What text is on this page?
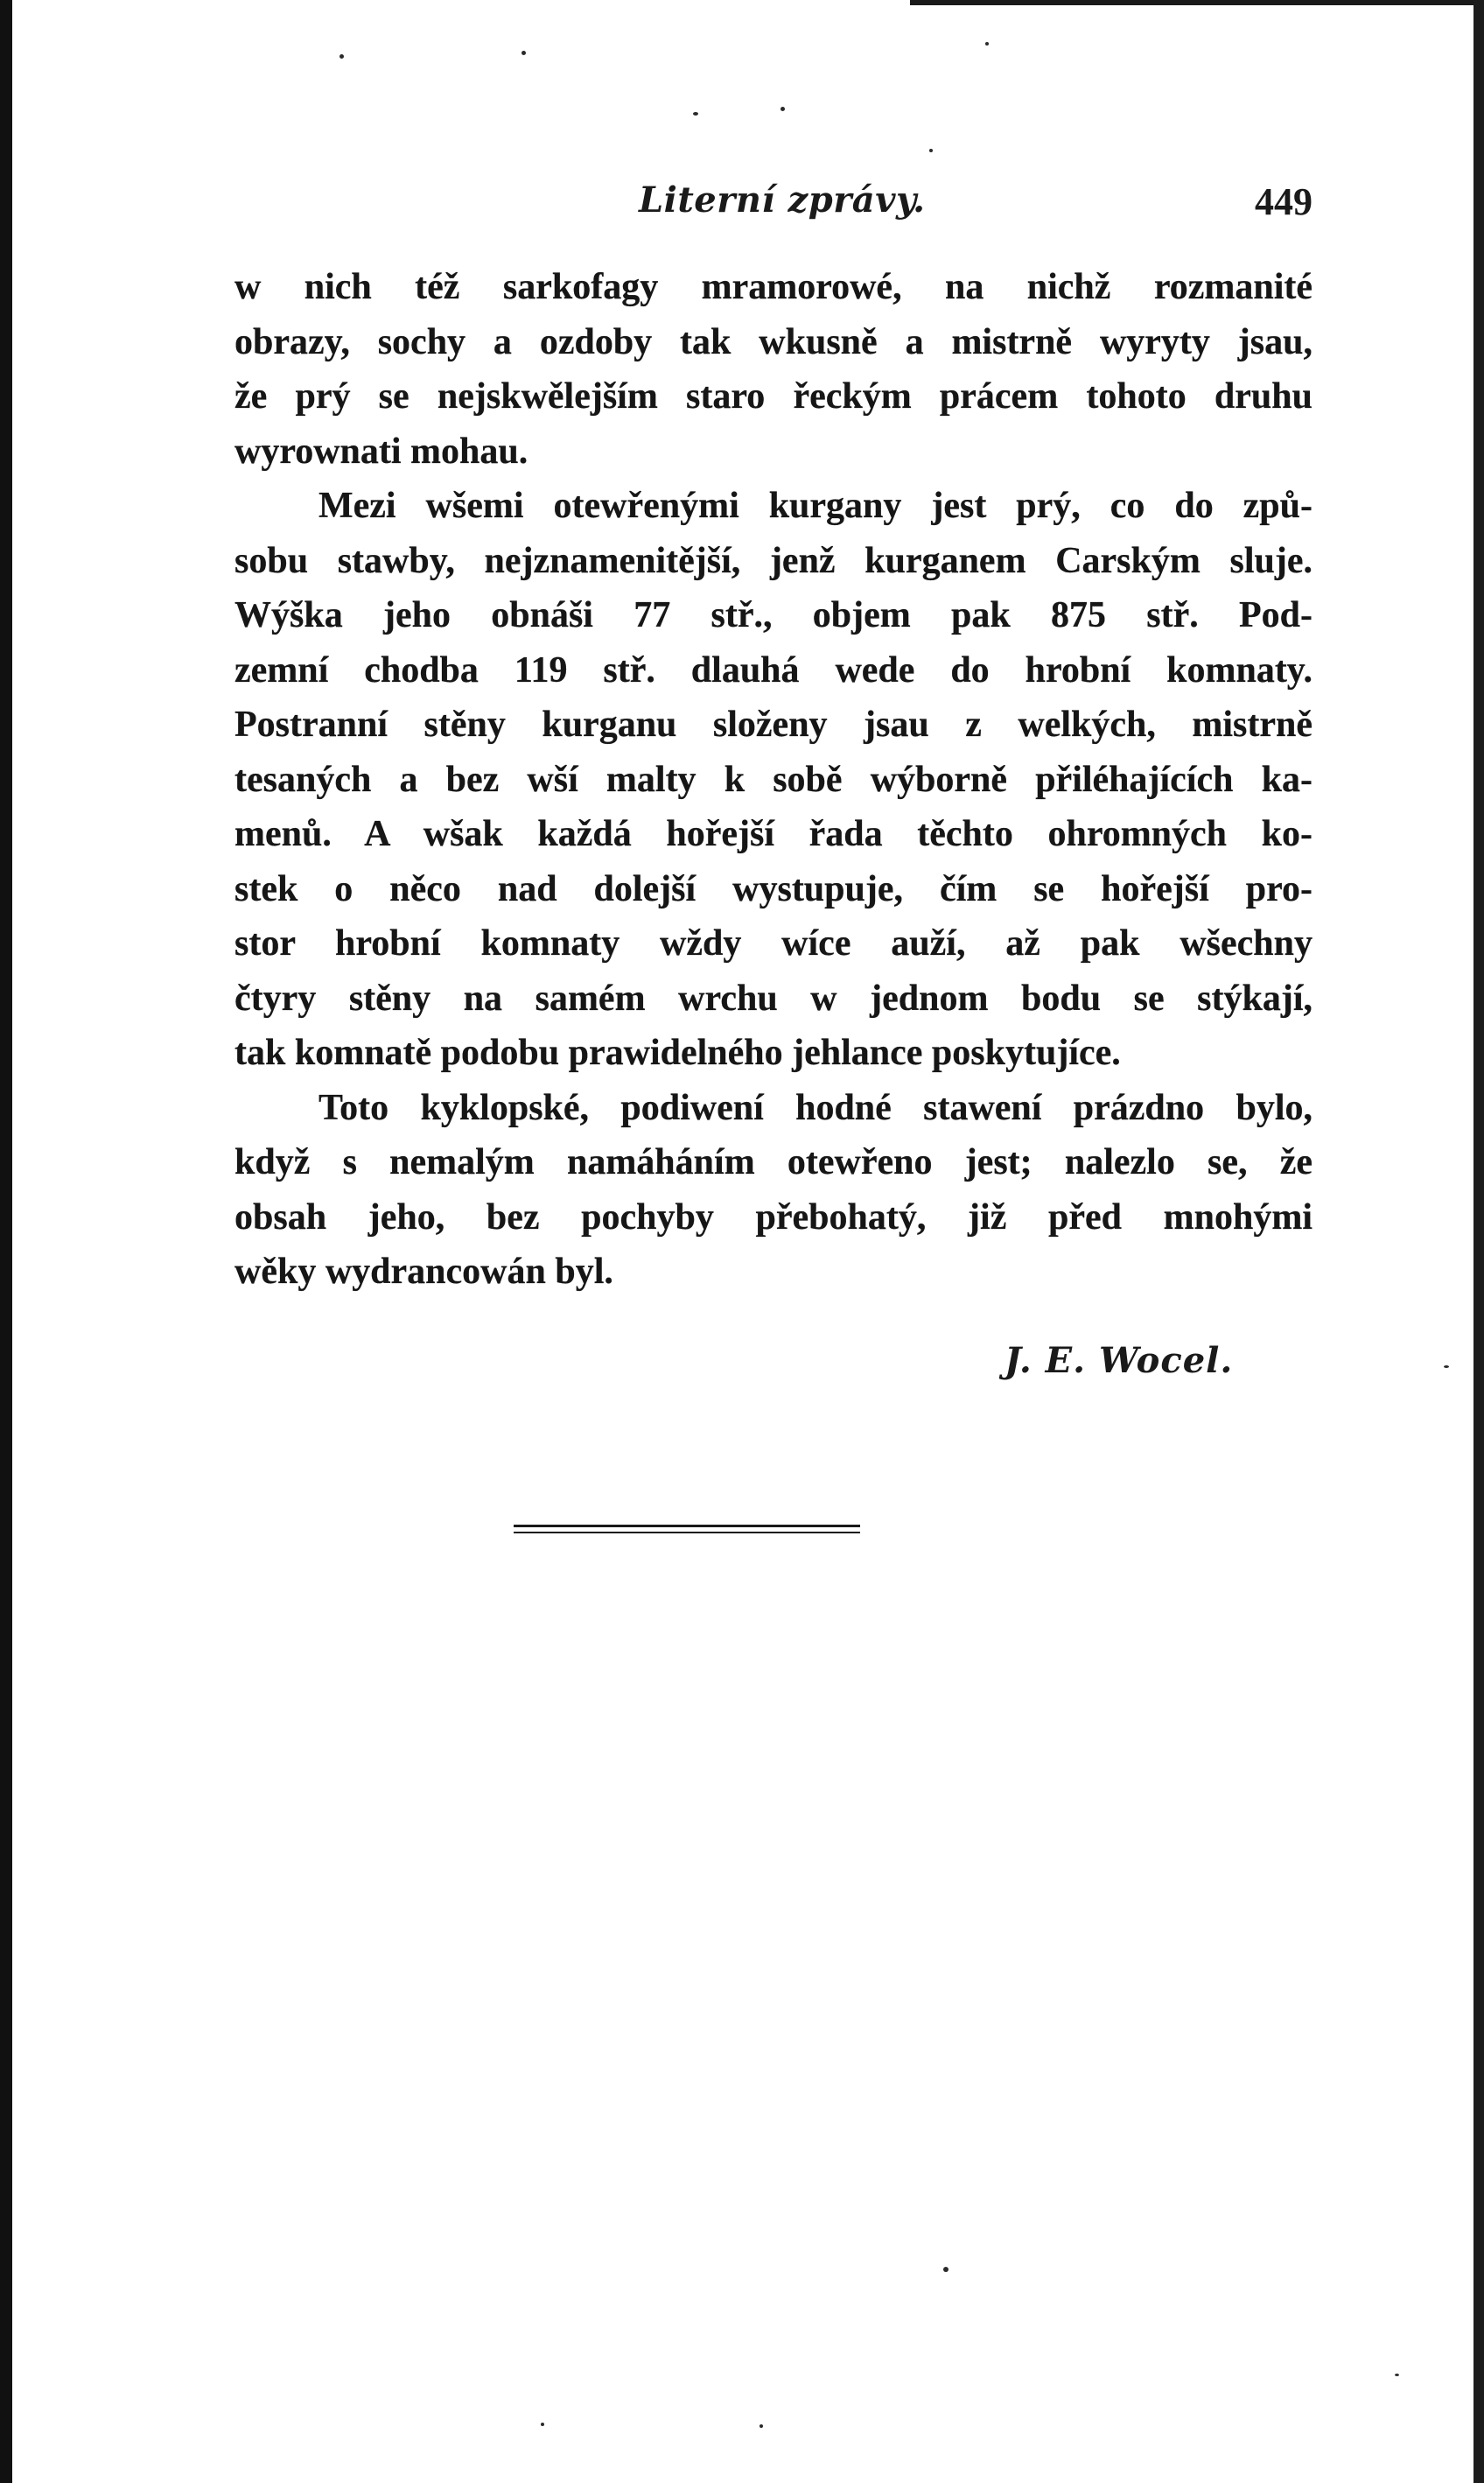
Literní zprávy.	449
w nich též sarkofagy mramorowé, na nichž rozmanité
obrazy, sochy a ozdoby tak wkusně a mistrně wyryty jsau,
že prý se nejskwělejším staro řeckým prácem tohoto druhu
wyrownati mohau.
Mezi wšemi otewřenými kurgany jest prý, co do způ-
sobu stawby, nejznamenitější, jenž kurganem Carským sluje.
Wýška jeho obnáši 77 stř., objem pak 875 stř. Pod-
zemní chodba 119 stř. dlauhá wede do hrobní komnaty.
Postranní stěny kurganu složeny jsau z welkých, mistrně
tesaných a bez wší malty k sobě wýborně přiléhajících ka-
menů. A wšak každá hořejší řada těchto ohromných ko-
stek o něco nad dolejší wystupuje, čím se hořejší pro-
stor hrobní komnaty wždy wíce auží, až pak wšechny
čtyry stěny na samém wrchu w jednom bodu se stýkají,
tak komnatě podobu prawidelného jehlance poskytujíce.
Toto kyklopské, podiwení hodné stawení prázdno bylo,
když s nemalým namáháním otewřeno jest; nalezlo se, že
obsah jeho, bez pochyby přebohatý, již před mnohými
wěky wydrancowán byl.
J. E. Wocel.
